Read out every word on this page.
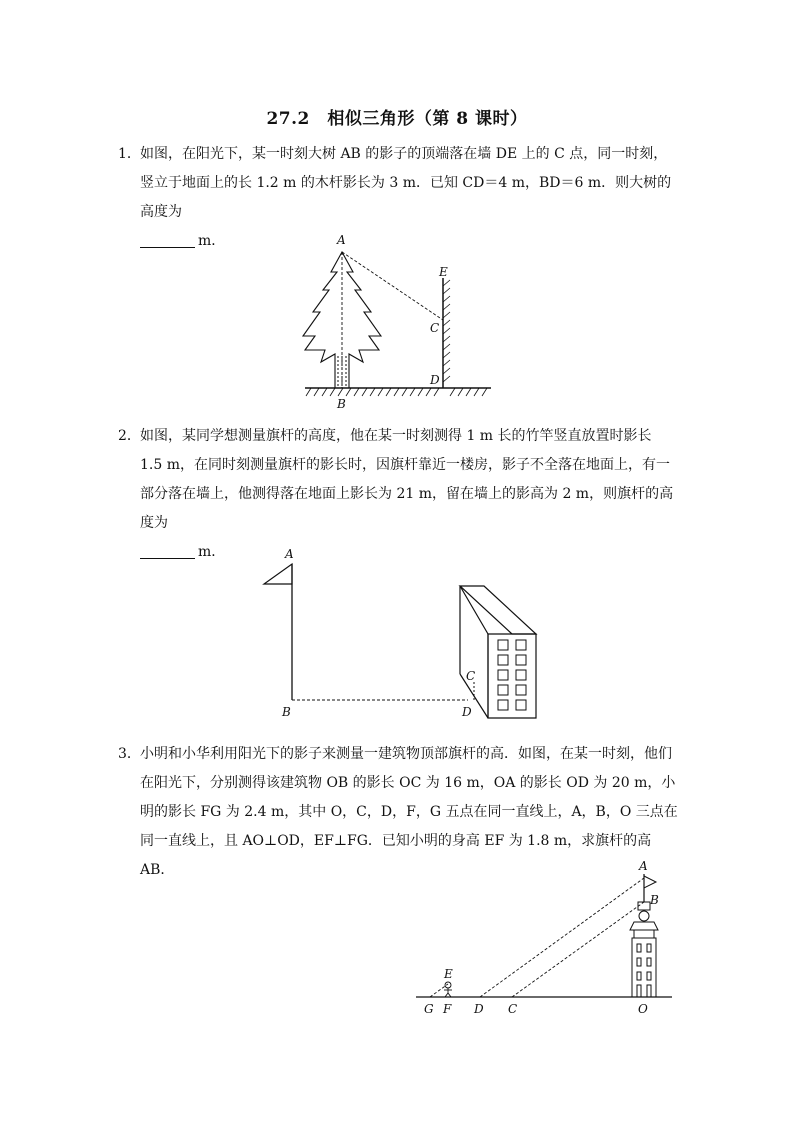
27.2　相似三角形（第 8 课时）
1． 如图，在阳光下，某一时刻大树 AB 的影子的顶端落在墙 DE 上的 C 点，同一时刻，竖立于地面上的长 1.2 m 的木杆影长为 3 m．已知 CD＝4 m，BD＝6 m．则大树的高度为
m．	A
B
C
D
E
2． 如图，某同学想测量旗杆的高度，他在某一时刻测得 1 m 长的竹竿竖直放置时影长 1.5 m，在同时刻测量旗杆的影长时，因旗杆靠近一楼房，影子不全落在地面上，有一部分落在墙上，他测得落在地面上影长为 21 m，留在墙上的影高为 2 m，则旗杆的高度为
m．	A
B
C
D
3． 小明和小华利用阳光下的影子来测量一建筑物顶部旗杆的高．如图，在某一时刻，他们在阳光下，分别测得该建筑物 OB 的影长 OC 为 16 m，OA 的影长 OD 为 20 m，小明的影长 FG 为 2.4 m，其中 O，C，D，F，G 五点在同一直线上，A，B，O 三点在同一直线上，且 AO⊥OD，EF⊥FG．已知小明的身高 EF 为 1.8 m，求旗杆的高 AB．	A
B
E
G F D C	O
